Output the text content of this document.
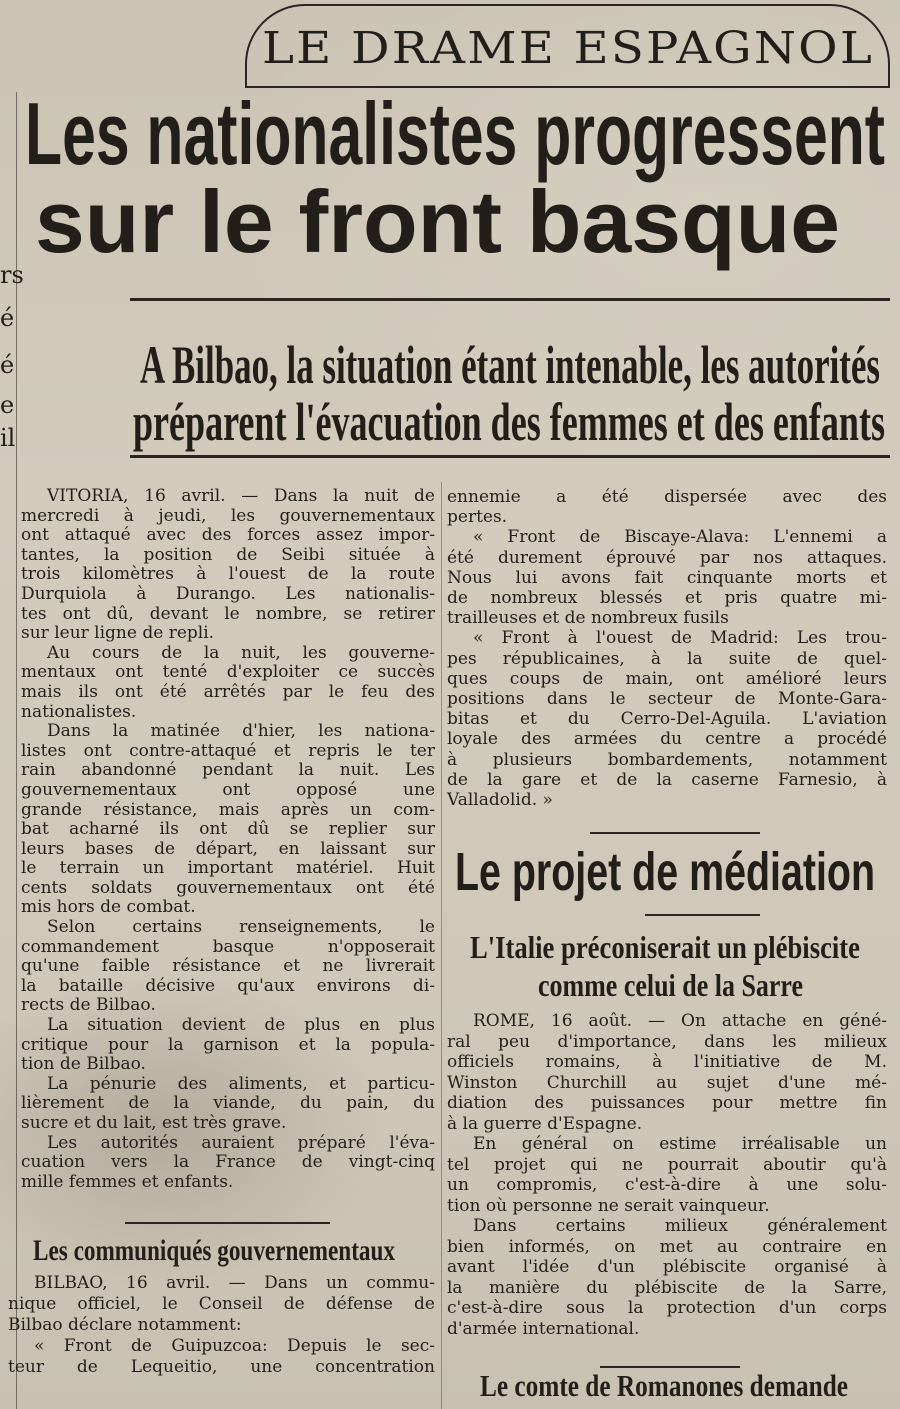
LE DRAME ESPAGNOL
rs
é
é
e
il
Les nationalistes progressent
sur le front basque
A Bilbao, la situation étant intenable, les autorités
préparent l'évacuation des femmes et des enfants
VITORIA, 16 avril. — Dans la nuit de
mercredi à jeudi, les gouvernementaux
ont attaqué avec des forces assez impor-
tantes, la position de Seibi située à
trois kilomètres à l'ouest de la route
Durquiola à Durango. Les nationalis-
tes ont dû, devant le nombre, se retirer
sur leur ligne de repli.
Au cours de la nuit, les gouverne-
mentaux ont tenté d'exploiter ce succès
mais ils ont été arrêtés par le feu des
nationalistes.
Dans la matinée d'hier, les nationa-
listes ont contre-attaqué et repris le ter
rain abandonné pendant la nuit. Les
gouvernementaux ont opposé une
grande résistance, mais après un com-
bat acharné ils ont dû se replier sur
leurs bases de départ, en laissant sur
le terrain un important matériel. Huit
cents soldats gouvernementaux ont été
mis hors de combat.
Selon certains renseignements, le
commandement basque n'opposerait
qu'une faible résistance et ne livrerait
la bataille décisive qu'aux environs di-
rects de Bilbao.
La situation devient de plus en plus
critique pour la garnison et la popula-
tion de Bilbao.
La pénurie des aliments, et particu-
lièrement de la viande, du pain, du
sucre et du lait, est très grave.
Les autorités auraient préparé l'éva-
cuation vers la France de vingt-cinq
mille femmes et enfants.
Les communiqués gouvernementaux
BILBAO, 16 avril. — Dans un commu-
nique officiel, le Conseil de défense de
Bilbao déclare notamment:
« Front de Guipuzcoa: Depuis le sec-
teur de Lequeitio, une concentration
ennemie a été dispersée avec des
pertes.
« Front de Biscaye-Alava: L'ennemi a
été durement éprouvé par nos attaques.
Nous lui avons fait cinquante morts et
de nombreux blessés et pris quatre mi-
trailleuses et de nombreux fusils
« Front à l'ouest de Madrid: Les trou-
pes républicaines, à la suite de quel-
ques coups de main, ont amélioré leurs
positions dans le secteur de Monte-Gara-
bitas et du Cerro-Del-Aguila. L'aviation
loyale des armées du centre a procédé
à plusieurs bombardements, notamment
de la gare et de la caserne Farnesio, à
Valladolid. »
Le projet de médiation
L'Italie préconiserait un plébiscite
comme celui de la Sarre
ROME, 16 août. — On attache en géné-
ral peu d'importance, dans les milieux
officiels romains, à l'initiative de M.
Winston Churchill au sujet d'une mé-
diation des puissances pour mettre fin
à la guerre d'Espagne.
En général on estime irréalisable un
tel projet qui ne pourrait aboutir qu'à
un compromis, c'est-à-dire à une solu-
tion où personne ne serait vainqueur.
Dans certains milieux généralement
bien informés, on met au contraire en
avant l'idée d'un plébiscite organisé à
la manière du plébiscite de la Sarre,
c'est-à-dire sous la protection d'un corps
d'armée international.
Le comte de Romanones demande
